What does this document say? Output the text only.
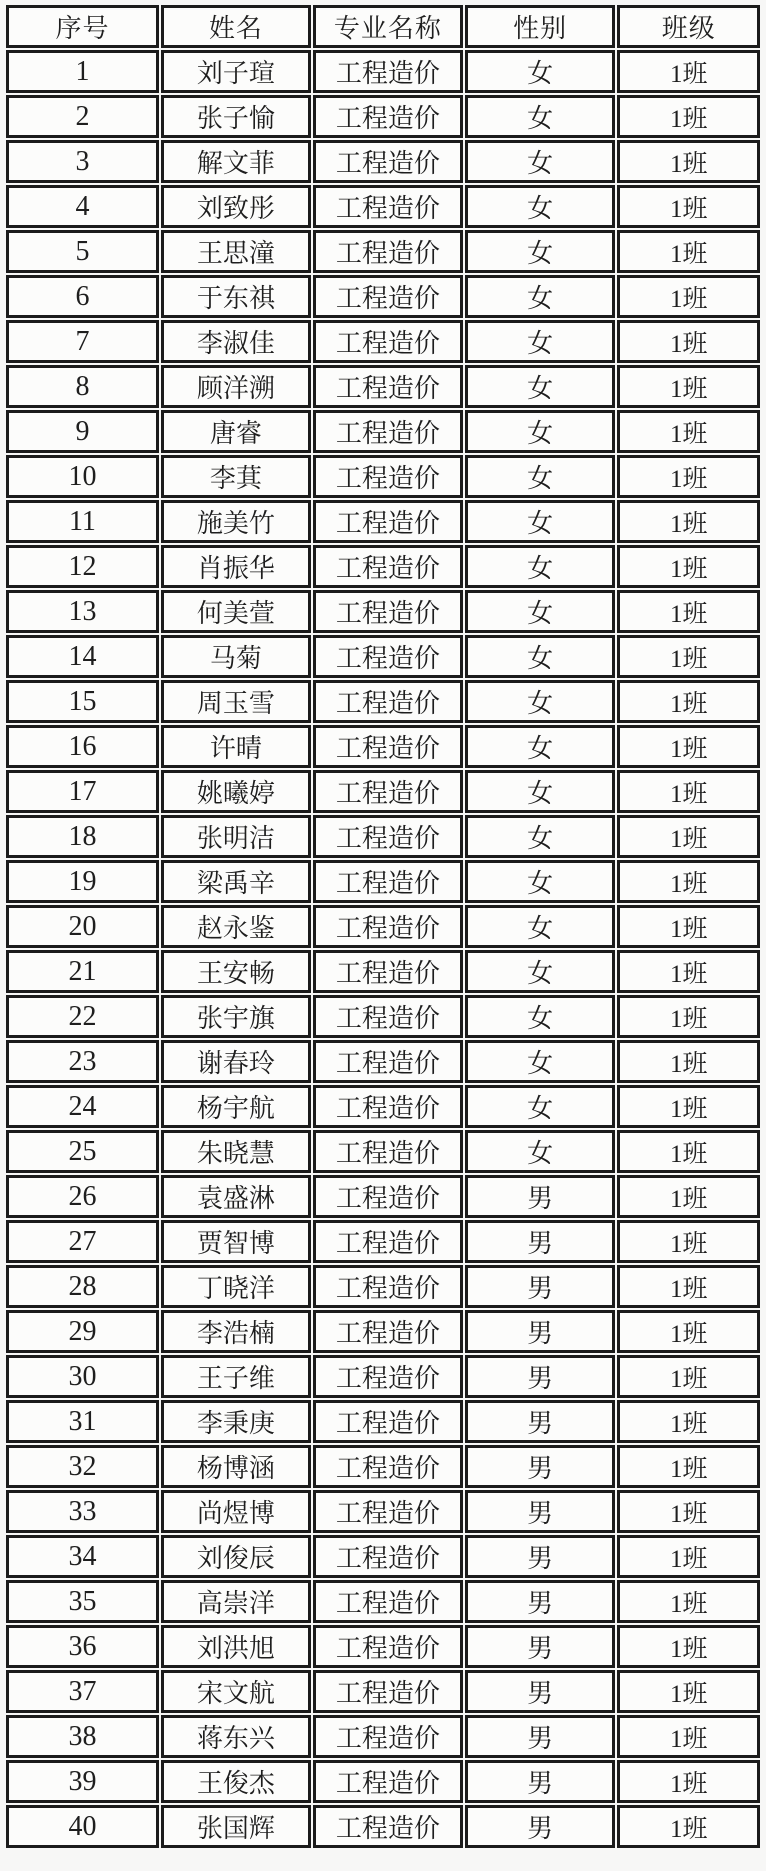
序号	姓名	专业名称	性别	班级
1	刘子瑄	工程造价	女	1班
2	张子愉	工程造价	女	1班
3	解文菲	工程造价	女	1班
4	刘致彤	工程造价	女	1班
5	王思潼	工程造价	女	1班
6	于东祺	工程造价	女	1班
7	李淑佳	工程造价	女	1班
8	顾洋溯	工程造价	女	1班
9	唐睿	工程造价	女	1班
10	李萁	工程造价	女	1班
11	施美竹	工程造价	女	1班
12	肖振华	工程造价	女	1班
13	何美萱	工程造价	女	1班
14	马菊	工程造价	女	1班
15	周玉雪	工程造价	女	1班
16	许晴	工程造价	女	1班
17	姚曦婷	工程造价	女	1班
18	张明洁	工程造价	女	1班
19	梁禹辛	工程造价	女	1班
20	赵永鉴	工程造价	女	1班
21	王安畅	工程造价	女	1班
22	张宇旗	工程造价	女	1班
23	谢春玲	工程造价	女	1班
24	杨宇航	工程造价	女	1班
25	朱晓慧	工程造价	女	1班
26	袁盛淋	工程造价	男	1班
27	贾智博	工程造价	男	1班
28	丁晓洋	工程造价	男	1班
29	李浩楠	工程造价	男	1班
30	王子维	工程造价	男	1班
31	李秉庚	工程造价	男	1班
32	杨博涵	工程造价	男	1班
33	尚煜博	工程造价	男	1班
34	刘俊辰	工程造价	男	1班
35	高崇洋	工程造价	男	1班
36	刘洪旭	工程造价	男	1班
37	宋文航	工程造价	男	1班
38	蒋东兴	工程造价	男	1班
39	王俊杰	工程造价	男	1班
40	张国辉	工程造价	男	1班
